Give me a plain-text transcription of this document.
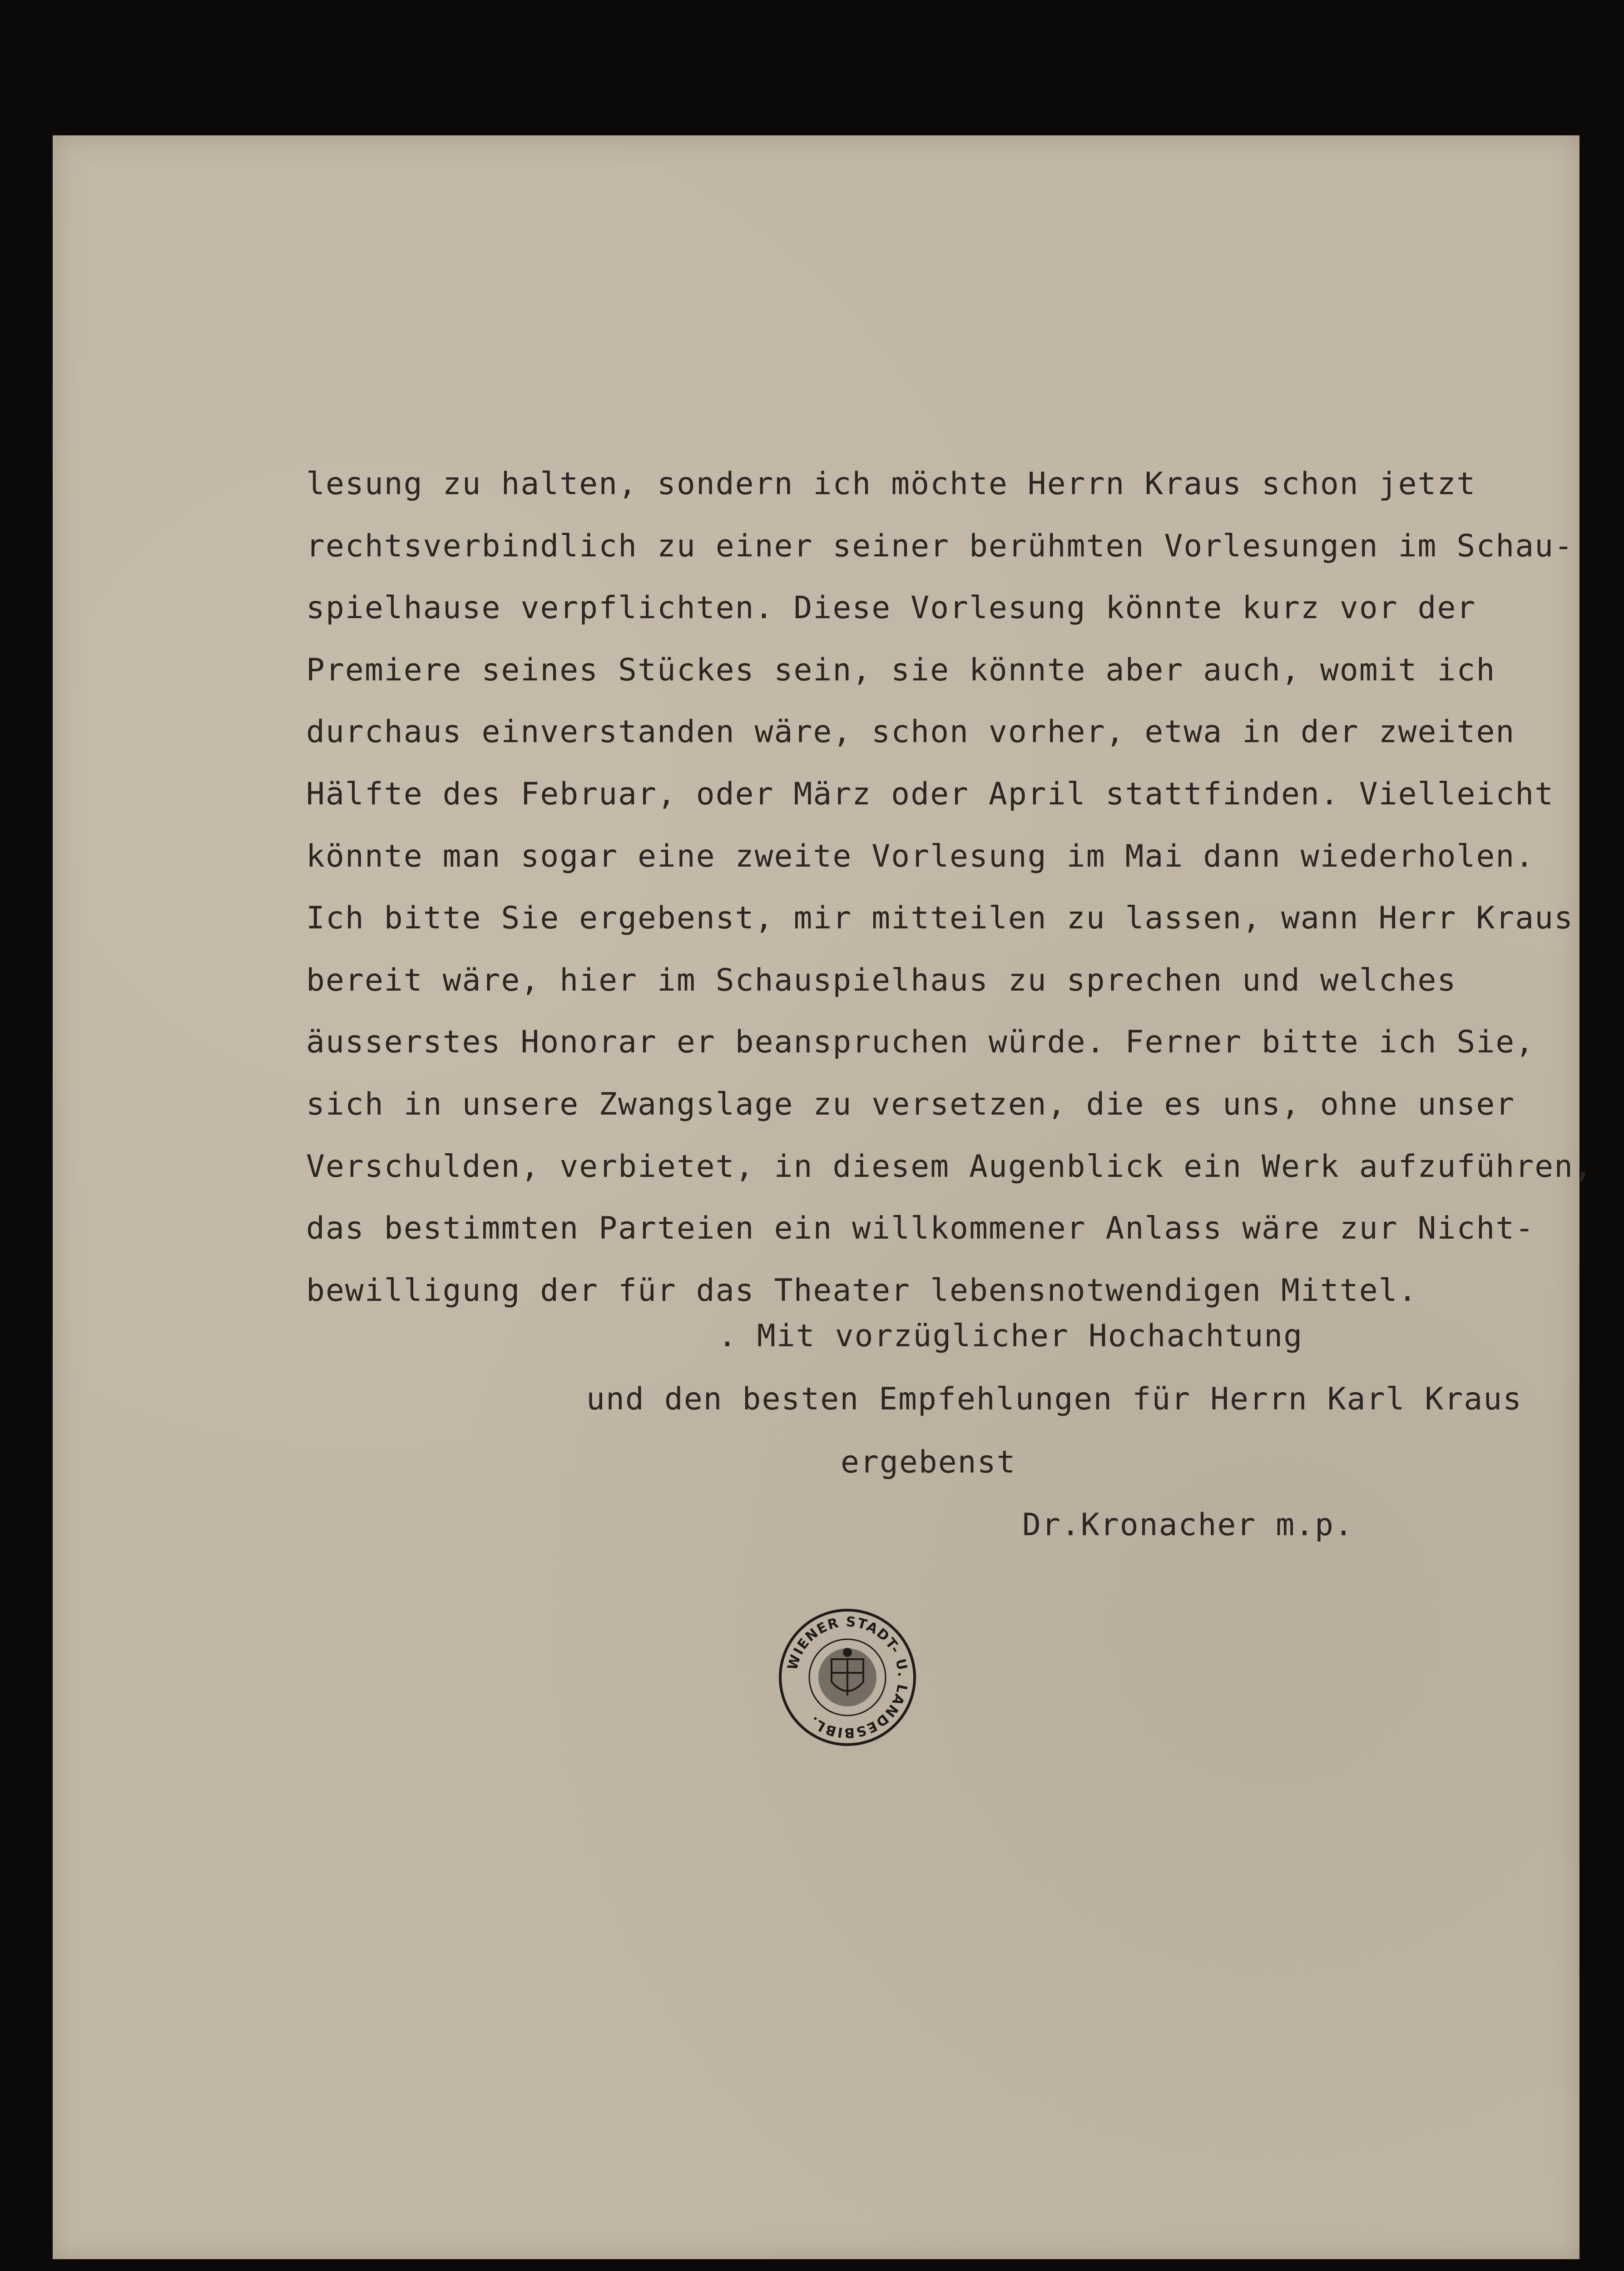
lesung zu halten, sondern ich möchte Herrn Kraus schon jetzt
rechtsverbindlich zu einer seiner berühmten Vorlesungen im Schau-
spielhause verpflichten. Diese Vorlesung könnte kurz vor der
Premiere seines Stückes sein, sie könnte aber auch, womit ich
durchaus einverstanden wäre, schon vorher, etwa in der zweiten
Hälfte des Februar, oder März oder April stattfinden. Vielleicht
könnte man sogar eine zweite Vorlesung im Mai dann wiederholen.
Ich bitte Sie ergebenst, mir mitteilen zu lassen, wann Herr Kraus
bereit wäre, hier im Schauspielhaus zu sprechen und welches
äusserstes Honorar er beanspruchen würde. Ferner bitte ich Sie,
sich in unsere Zwangslage zu versetzen, die es uns, ohne unser
Verschulden, verbietet, in diesem Augenblick ein Werk aufzuführen,
das bestimmten Parteien ein willkommener Anlass wäre zur Nicht-
bewilligung der für das Theater lebensnotwendigen Mittel.
. Mit vorzüglicher Hochachtung
und den besten Empfehlungen für Herrn Karl Kraus
ergebenst
Dr.Kronacher m.p.
WIENER STADT- U. LANDESBIBL.
